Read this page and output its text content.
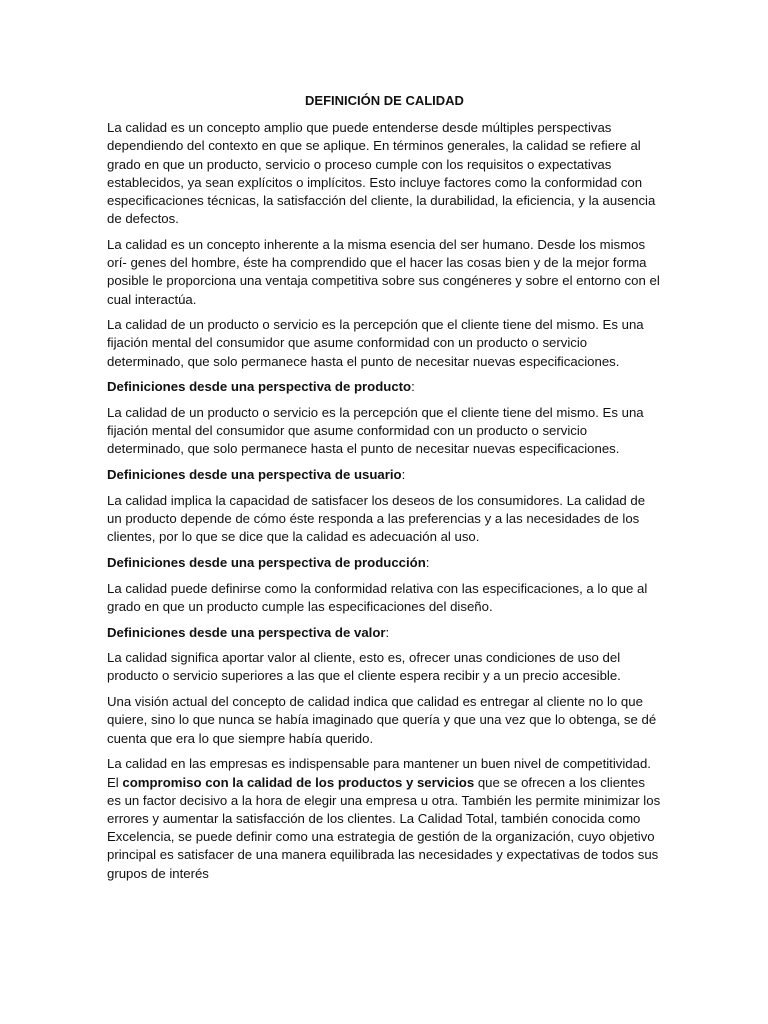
DEFINICIÓN DE CALIDAD

La calidad es un concepto amplio que puede entenderse desde múltiples perspectivas dependiendo del contexto en que se aplique. En términos generales, la calidad se refiere al grado en que un producto, servicio o proceso cumple con los requisitos o expectativas establecidos, ya sean explícitos o implícitos. Esto incluye factores como la conformidad con especificaciones técnicas, la satisfacción del cliente, la durabilidad, la eficiencia, y la ausencia de defectos.

La calidad es un concepto inherente a la misma esencia del ser humano. Desde los mismos orí- genes del hombre, éste ha comprendido que el hacer las cosas bien y de la mejor forma posible le proporciona una ventaja competitiva sobre sus congéneres y sobre el entorno con el cual interactúa.

La calidad de un producto o servicio es la percepción que el cliente tiene del mismo. Es una fijación mental del consumidor que asume conformidad con un producto o servicio determinado, que solo permanece hasta el punto de necesitar nuevas especificaciones.

Definiciones desde una perspectiva de producto:

La calidad de un producto o servicio es la percepción que el cliente tiene del mismo. Es una fijación mental del consumidor que asume conformidad con un producto o servicio determinado, que solo permanece hasta el punto de necesitar nuevas especificaciones.

Definiciones desde una perspectiva de usuario:

La calidad implica la capacidad de satisfacer los deseos de los consumidores. La calidad de un producto depende de cómo éste responda a las preferencias y a las necesidades de los clientes, por lo que se dice que la calidad es adecuación al uso.

Definiciones desde una perspectiva de producción:

La calidad puede definirse como la conformidad relativa con las especificaciones, a lo que al grado en que un producto cumple las especificaciones del diseño.

Definiciones desde una perspectiva de valor:

La calidad significa aportar valor al cliente, esto es, ofrecer unas condiciones de uso del producto o servicio superiores a las que el cliente espera recibir y a un precio accesible.

Una visión actual del concepto de calidad indica que calidad es entregar al cliente no lo que quiere, sino lo que nunca se había imaginado que quería y que una vez que lo obtenga, se dé cuenta que era lo que siempre había querido.

La calidad en las empresas es indispensable para mantener un buen nivel de competitividad. El compromiso con la calidad de los productos y servicios que se ofrecen a los clientes es un factor decisivo a la hora de elegir una empresa u otra. También les permite minimizar los errores y aumentar la satisfacción de los clientes. La Calidad Total, también conocida como Excelencia, se puede definir como una estrategia de gestión de la organización, cuyo objetivo principal es satisfacer de una manera equilibrada las necesidades y expectativas de todos sus grupos de interés
